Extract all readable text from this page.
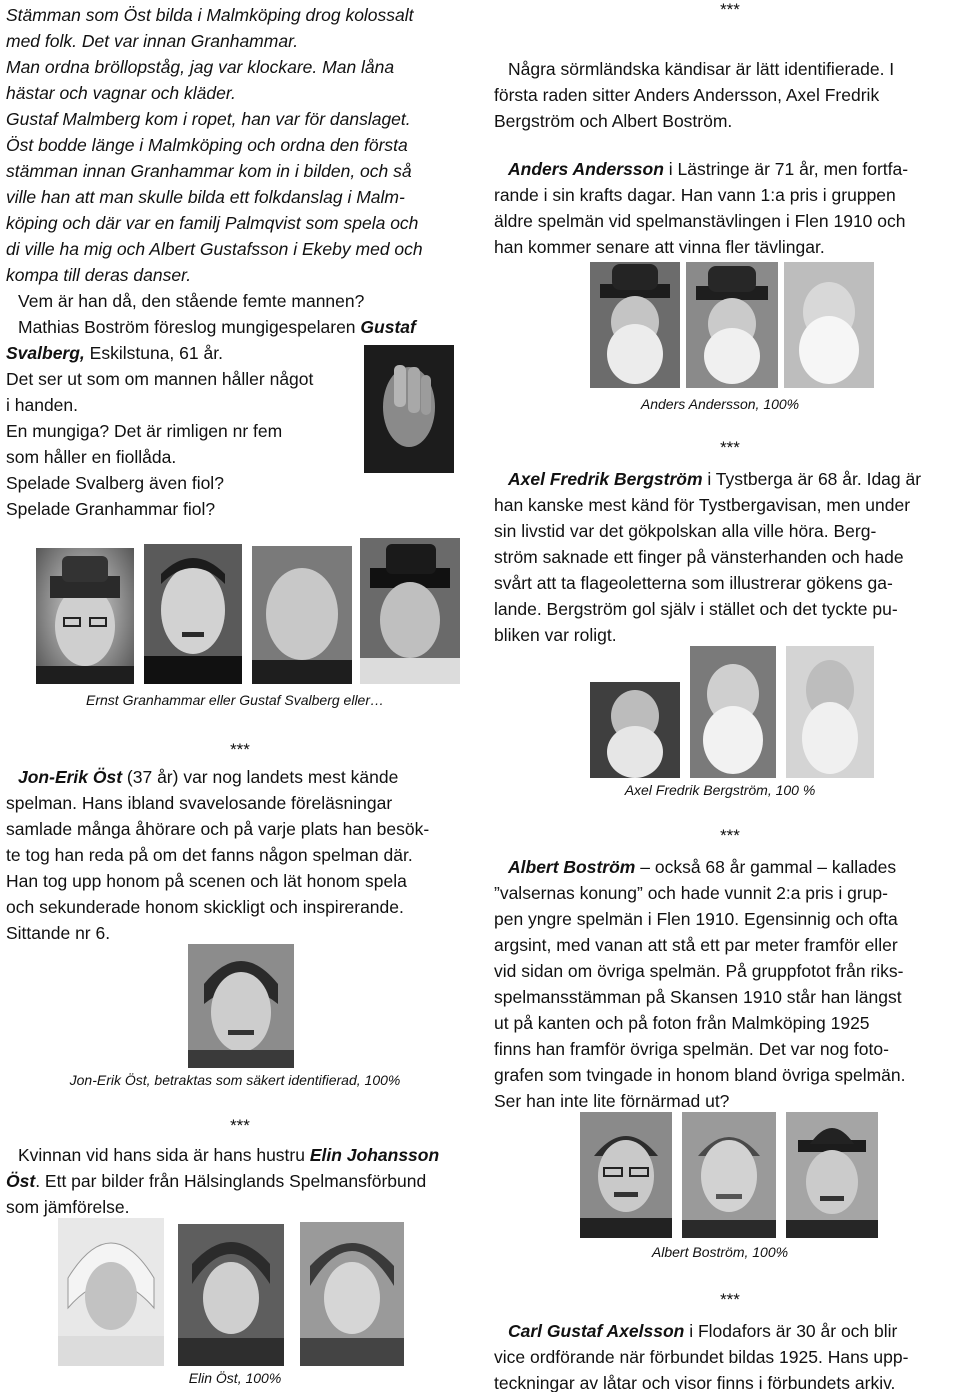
Stämman som Öst bilda i Malmköping drog kolossalt
med folk. Det var innan Granhammar.
Man ordna bröllopståg, jag var klockare. Man låna
hästar och vagnar och kläder.
Gustaf Malmberg kom i ropet, han var för danslaget.
Öst bodde länge i Malmköping och ordna den första
stämman innan Granhammar kom in i bilden, och så
ville han att man skulle bilda ett folkdanslag i Malm-
köping och där var en familj Palmqvist som spela och
di ville ha mig och Albert Gustafsson i Ekeby med och
kompa till deras danser.
Vem är han då, den stående femte mannen?
Mathias Boström föreslog mungigespelaren Gustaf
Svalberg, Eskilstuna, 61 år.
Det ser ut som om mannen håller något
i handen.
En mungiga? Det är rimligen nr fem
som håller en fiollåda.
Spelade Svalberg även fiol?
Spelade Granhammar fiol?
Ernst Granhammar eller Gustaf Svalberg eller…
***
Jon-Erik Öst (37 år) var nog landets mest kände
spelman. Hans ibland svavelosande föreläsningar
samlade många åhörare och på varje plats han besök-
te tog han reda på om det fanns någon spelman där.
Han tog upp honom på scenen och lät honom spela
och sekunderade honom skickligt och inspirerande.
Sittande nr 6.
Jon-Erik Öst, betraktas som säkert identifierad, 100%
***
Kvinnan vid hans sida är hans hustru Elin Johansson
Öst. Ett par bilder från Hälsinglands Spelmansförbund
som jämförelse.
Elin Öst, 100%
***
Några sörmländska kändisar är lätt identifierade. I
första raden sitter Anders Andersson, Axel Fredrik
Bergström och Albert Boström.
Anders Andersson i Lästringe är 71 år, men fortfa-
rande i sin krafts dagar. Han vann 1:a pris i gruppen
äldre spelmän vid spelmanstävlingen i Flen 1910 och
han kommer senare att vinna fler tävlingar.
Anders Andersson, 100%
***
Axel Fredrik Bergström i Tystberga är 68 år. Idag är
han kanske mest känd för Tystbergavisan, men under
sin livstid var det gökpolskan alla ville höra. Berg-
ström saknade ett finger på vänsterhanden och hade
svårt att ta flageoletterna som illustrerar gökens ga-
lande. Bergström gol själv i stället och det tyckte pu-
bliken var roligt.
Axel Fredrik Bergström, 100 %
***
Albert Boström – också 68 år gammal – kallades
”valsernas konung” och hade vunnit 2:a pris i grup-
pen yngre spelmän i Flen 1910. Egensinnig och ofta
argsint, med vanan att stå ett par meter framför eller
vid sidan om övriga spelmän. På gruppfotot från riks-
spelmansstämman på Skansen 1910 står han längst
ut på kanten och på foton från Malmköping 1925
finns han framför övriga spelmän. Det var nog foto-
grafen som tvingade in honom bland övriga spelmän.
Ser han inte lite förnärmad ut?
Albert Boström, 100%
***
Carl Gustaf Axelsson i Flodafors är 30 år och blir
vice ordförande när förbundet bildas 1925. Hans upp-
teckningar av låtar och visor finns i förbundets arkiv.
